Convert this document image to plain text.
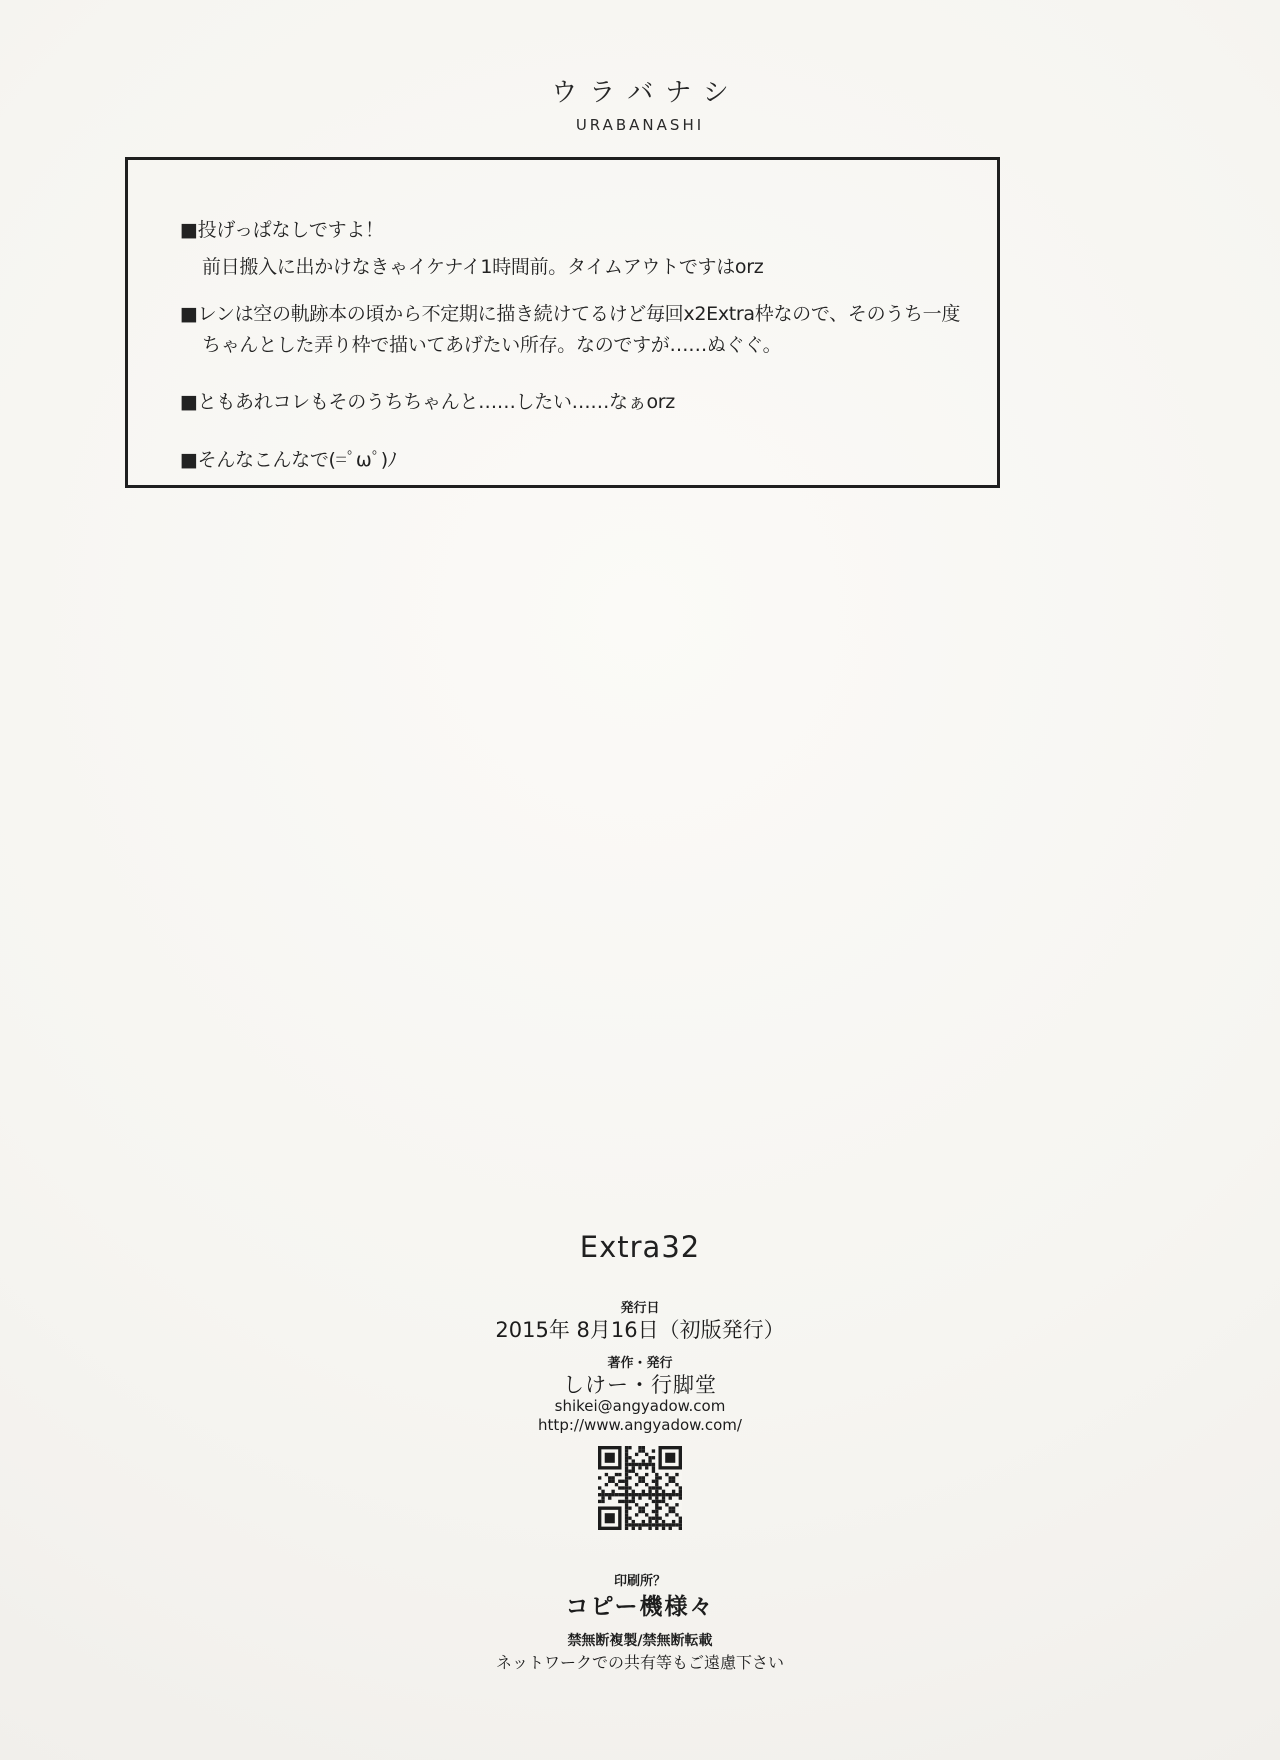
ウラバナシ
URABANASHI

■投げっぱなしですよ！

前日搬入に出かけなきゃイケナイ1時間前。タイムアウトですはorz

■レンは空の軌跡本の頃から不定期に描き続けてるけど毎回x2Extra枠なので、そのうち一度

ちゃんとした弄り枠で描いてあげたい所存。なのですが……ぬぐぐ。

■ともあれコレもそのうちちゃんと……したい……なぁorz

■そんなこんなで(=ﾟωﾟ)ﾉ

Extra32
発行日
2015年 8月16日（初版発行）
著作・発行
しけー・行脚堂
shikei@angyadow.com
http://www.angyadow.com/
印刷所？
コピー機様々
禁無断複製/禁無断転載
ネットワークでの共有等もご遠慮下さい
